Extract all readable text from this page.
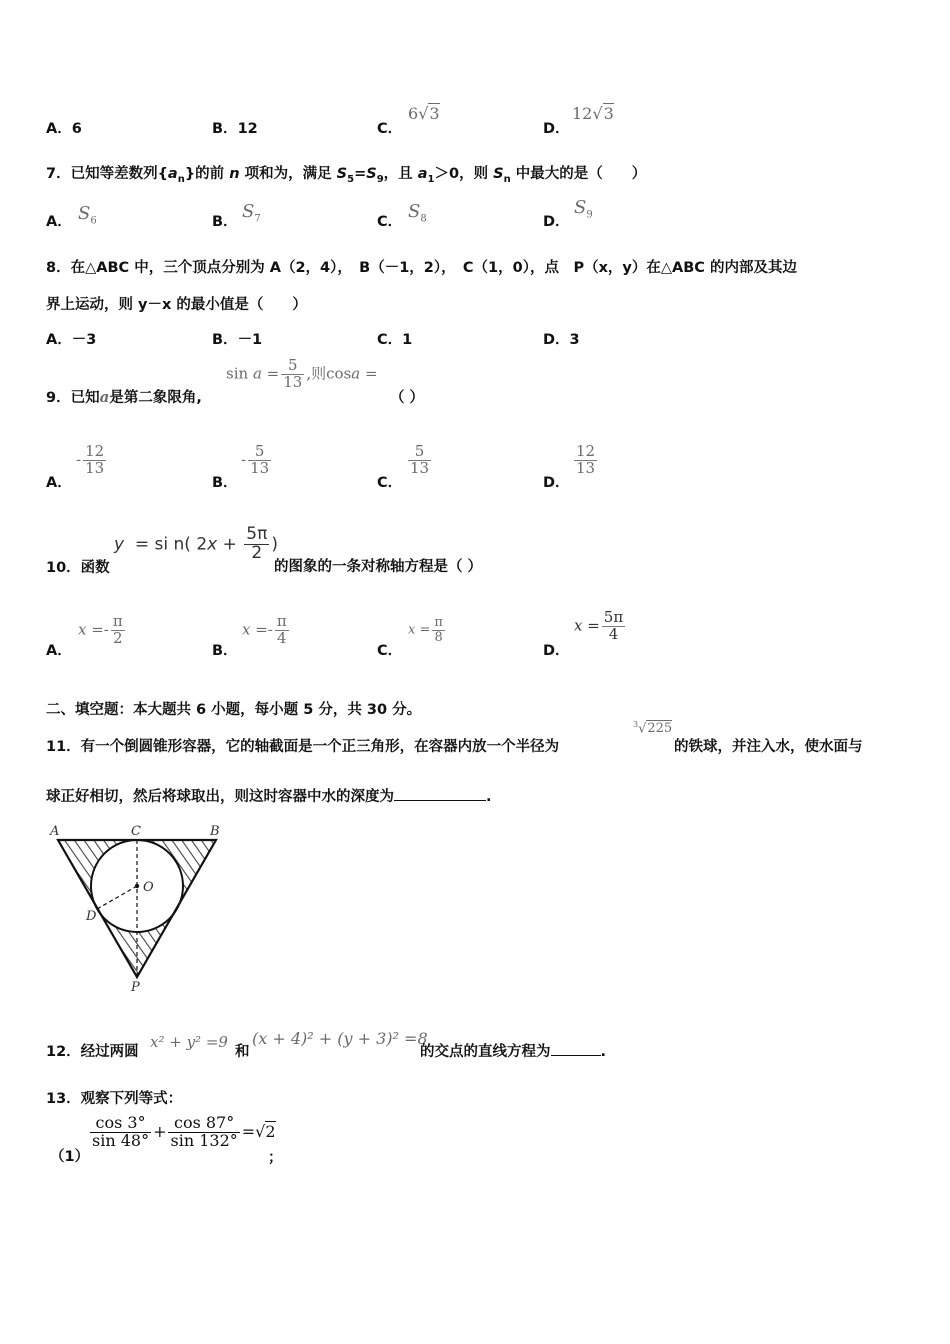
A．6	B．12	C．
6√3
D．
12√3
7．已知等差数列$\{a_n\}$的前 n 项和为，满足 $S_5=S_9$，且 $a_1>0$，则 $S_n$ 中最大的是（　　）
A． $S_6$	B． $S_7$	C． $S_8$	D．
$S_9$
8．在△ABC 中，三个顶点分别为 A（2，4），　B（－1，2），　C（1，0），点　P（x，y）在△ABC 的内部及其边
界上运动，则 y－x 的最小值是（　　）
A．－3	B．－1	C．1	D．3
9．已知a是第二象限角,
$\sin a = \frac{5}{13}$ ,则cosa =
（ ）
A．
- $\frac{12}{13}$
B．
- $\frac{5}{13}$
C．
$\frac{5}{13}$
D．
$\frac{12}{13}$
10．函数
y = si n( $2x + \frac{5\pi}{2}$ )
的图象的一条对称轴方程是（ ）
A．
$x =- \frac{\pi}{2}$
B．
$x =- \frac{\pi}{4}$
C．
$x = \frac{\pi}{8}$
D．
$x = \frac{5\pi}{4}$
二、填空题：本大题共 6 小题，每小题 5 分，共 30 分。
11．有一个倒圆锥形容器，它的轴截面是一个正三角形，在容器内放一个半径为
$^3$√225
的铁球，并注入水，使水面与
球正好相切，然后将球取出，则这时容器中水的深度为	.
A	C	B
O
D
P
12．经过两圆
x² + y² =9
和
(x + 4)² + (y + 3)² =8
的交点的直线方程为	.
13．观察下列等式：
（1）
$\frac{\cos 3^\circ}{\sin 48^\circ} + \frac{\cos 87^\circ}{\sin 132^\circ} =√2$
；
